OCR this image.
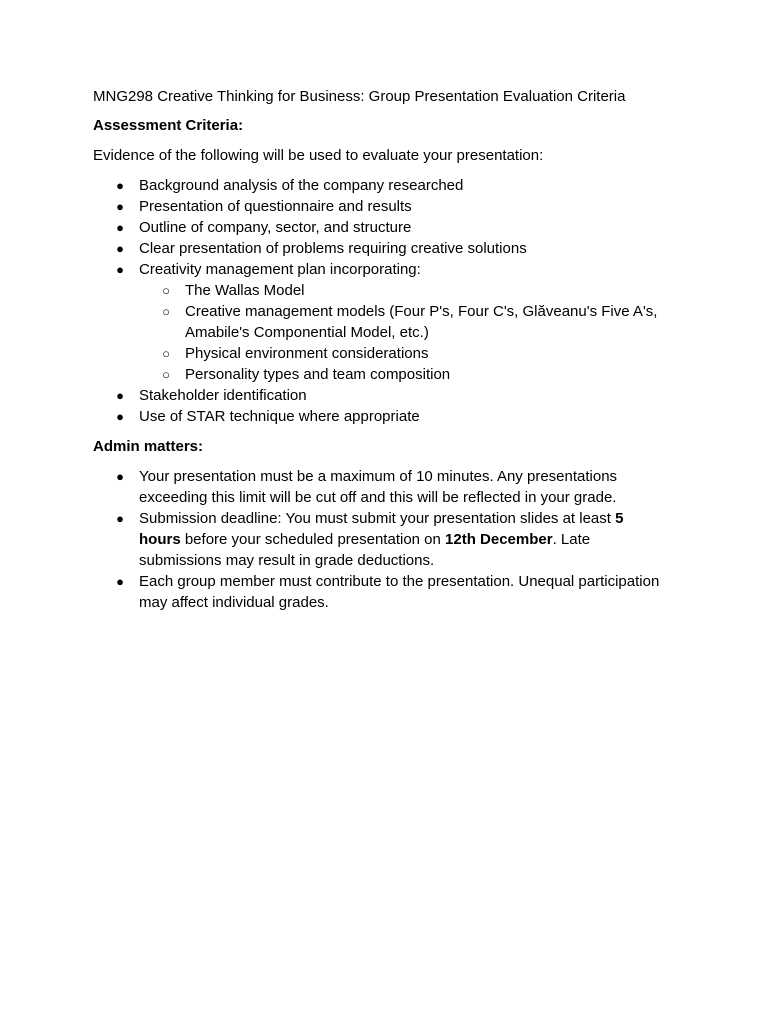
MNG298 Creative Thinking for Business: Group Presentation Evaluation Criteria

Assessment Criteria:

Evidence of the following will be used to evaluate your presentation:

● Background analysis of the company researched
● Presentation of questionnaire and results
● Outline of company, sector, and structure
● Clear presentation of problems requiring creative solutions
● Creativity management plan incorporating:
○ The Wallas Model
○ Creative management models (Four P's, Four C's, Glăveanu's Five A's, Amabile's Componential Model, etc.)
○ Physical environment considerations
○ Personality types and team composition
● Stakeholder identification
● Use of STAR technique where appropriate

Admin matters:

● Your presentation must be a maximum of 10 minutes. Any presentations exceeding this limit will be cut off and this will be reflected in your grade.
● Submission deadline: You must submit your presentation slides at least 5 hours before your scheduled presentation on 12th December. Late submissions may result in grade deductions.
● Each group member must contribute to the presentation. Unequal participation may affect individual grades.
